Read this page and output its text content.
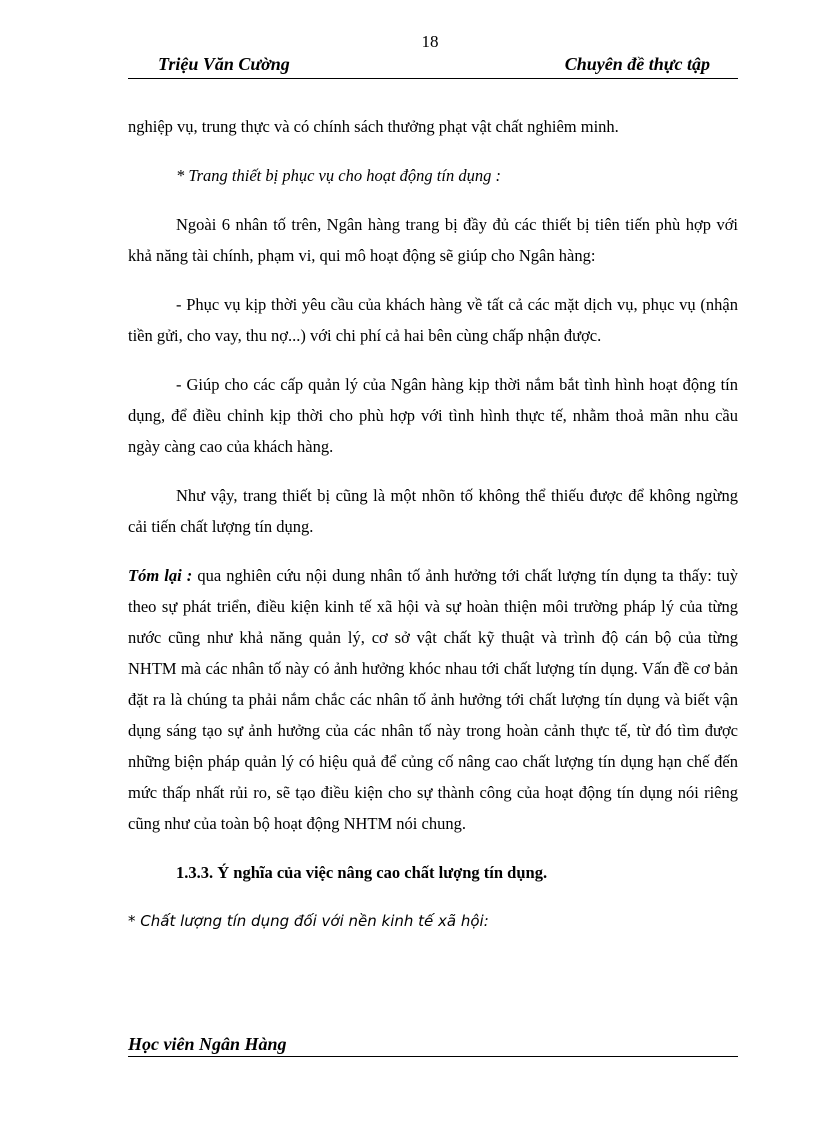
18
Triệu Văn Cường	Chuyên đề thực tập

nghiệp vụ, trung thực và có chính sách thưởng phạt vật chất nghiêm minh.

* Trang thiết bị phục vụ cho hoạt động tín dụng :

Ngoài 6 nhân tố trên, Ngân hàng trang bị đầy đủ các thiết bị tiên tiến phù hợp với khả năng tài chính, phạm vi, qui mô hoạt động sẽ giúp cho Ngân hàng:

- Phục vụ kịp thời yêu cầu của khách hàng về tất cả các mặt dịch vụ, phục vụ (nhận tiền gửi, cho vay, thu nợ...) với chi phí cả hai bên cùng chấp nhận được.

- Giúp cho các cấp quản lý của Ngân hàng kịp thời nắm bắt tình hình hoạt động tín dụng, để điều chỉnh kịp thời cho phù hợp với tình hình thực tế, nhằm thoả mãn nhu cầu ngày càng cao của khách hàng.

Như vậy, trang thiết bị cũng là một nhõn tố không thể thiếu được để không ngừng cải tiến chất lượng tín dụng.

Tóm lại : qua nghiên cứu nội dung nhân tố ảnh hưởng tới chất lượng tín dụng ta thấy: tuỳ theo sự phát triển, điều kiện kinh tế xã hội và sự hoàn thiện môi trường pháp lý của từng nước cũng như khả năng quản lý, cơ sở vật chất kỹ thuật và trình độ cán bộ của từng NHTM mà các nhân tố này có ảnh hưởng khóc nhau tới chất lượng tín dụng. Vấn đề cơ bản đặt ra là chúng ta phải nắm chắc các nhân tố ảnh hưởng tới chất lượng tín dụng và biết vận dụng sáng tạo sự ảnh hưởng của các nhân tố này trong hoàn cảnh thực tế, từ đó tìm được những biện pháp quản lý có hiệu quả để củng cố nâng cao chất lượng tín dụng hạn chế đến mức thấp nhất rủi ro, sẽ tạo điều kiện cho sự thành công của hoạt động tín dụng nói riêng cũng như của toàn bộ hoạt động NHTM nói chung.

1.3.3. Ý nghĩa của việc nâng cao chất lượng tín dụng.

* Chất lượng tín dụng đối với nền kinh tế xã hội:

Học viên Ngân Hàng
